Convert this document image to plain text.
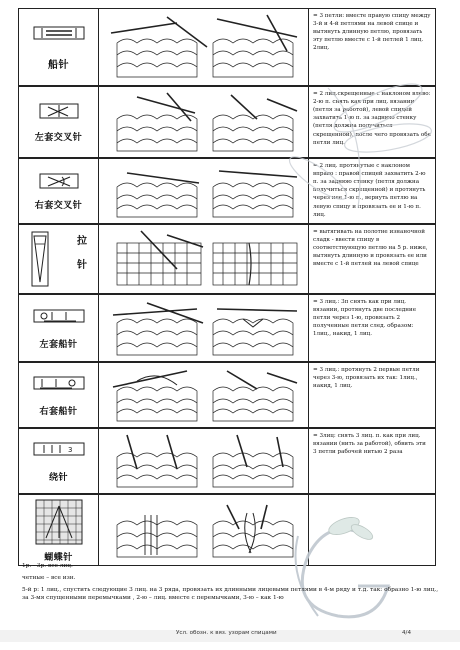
船针
= 3 петли: вместе правую спицу между 3-й и 4-й петлями на левой спице и вытянуть длинную петлю, провязать эту петлю вместе с 1-й петлей 1 лиц. 2лиц.
左套交叉针
= 2 лиц.скрещенные с наклоном влево: 2-ю п. снять как при лиц. вязании (петля за работой), левой спицей захватить 1-ю п. за заднюю стенку (петля должна получиться скрещенной), после чего провязать обе петли лиц.
右套交叉针
= 2 лиц. протянутые с наклоном вправо : правой спицей захватить 2-ю п. за заднюю стенку (петля должна получиться скрещенной) и протянуть через нее 1-ю п., вернуть петлю на левую спицу и провязать ее и 1-ю п. лиц.
拉针
= вытягивать на полотне изнаночной сладк - ввести спицу в соответствующую петлю на 5 р. ниже, вытянуть длинную и провязать ее или вместе с 1-й петлей на левой спице
左套船针
= 3 лиц.: 3п снять как при лиц. вязании, протянуть две последние петли через 1-ю, провязать 2 полученные петли след. образом: 1лиц., накид, 1 лиц.
右套船针
= 3 лиц.: протянуть 2 первые петли через 3-ю, провязать их так: 1лиц., накид, 1 лиц.
3
绕针
= 3лиц: снять 3 лиц. п. как при лиц. вязании (нить за работой), обвить эти 3 петли рабочей нитью 2 раза
蝴蝶针
1р. - 3р. все лиц.
четные – все изн.
5-й р: 1 лиц., спустить следующие 3 лиц. на 3 ряда, провязать их длинными лицевыми петлями в 4-м ряду и т.д. так: образно 1-ю лиц., за 3-мя спущенными перемычками , 2-ю – лиц. вместе с перемычками, 3-ю – как 1-ю
Усл. обозн. к вяз. узорам спицами	4/4
